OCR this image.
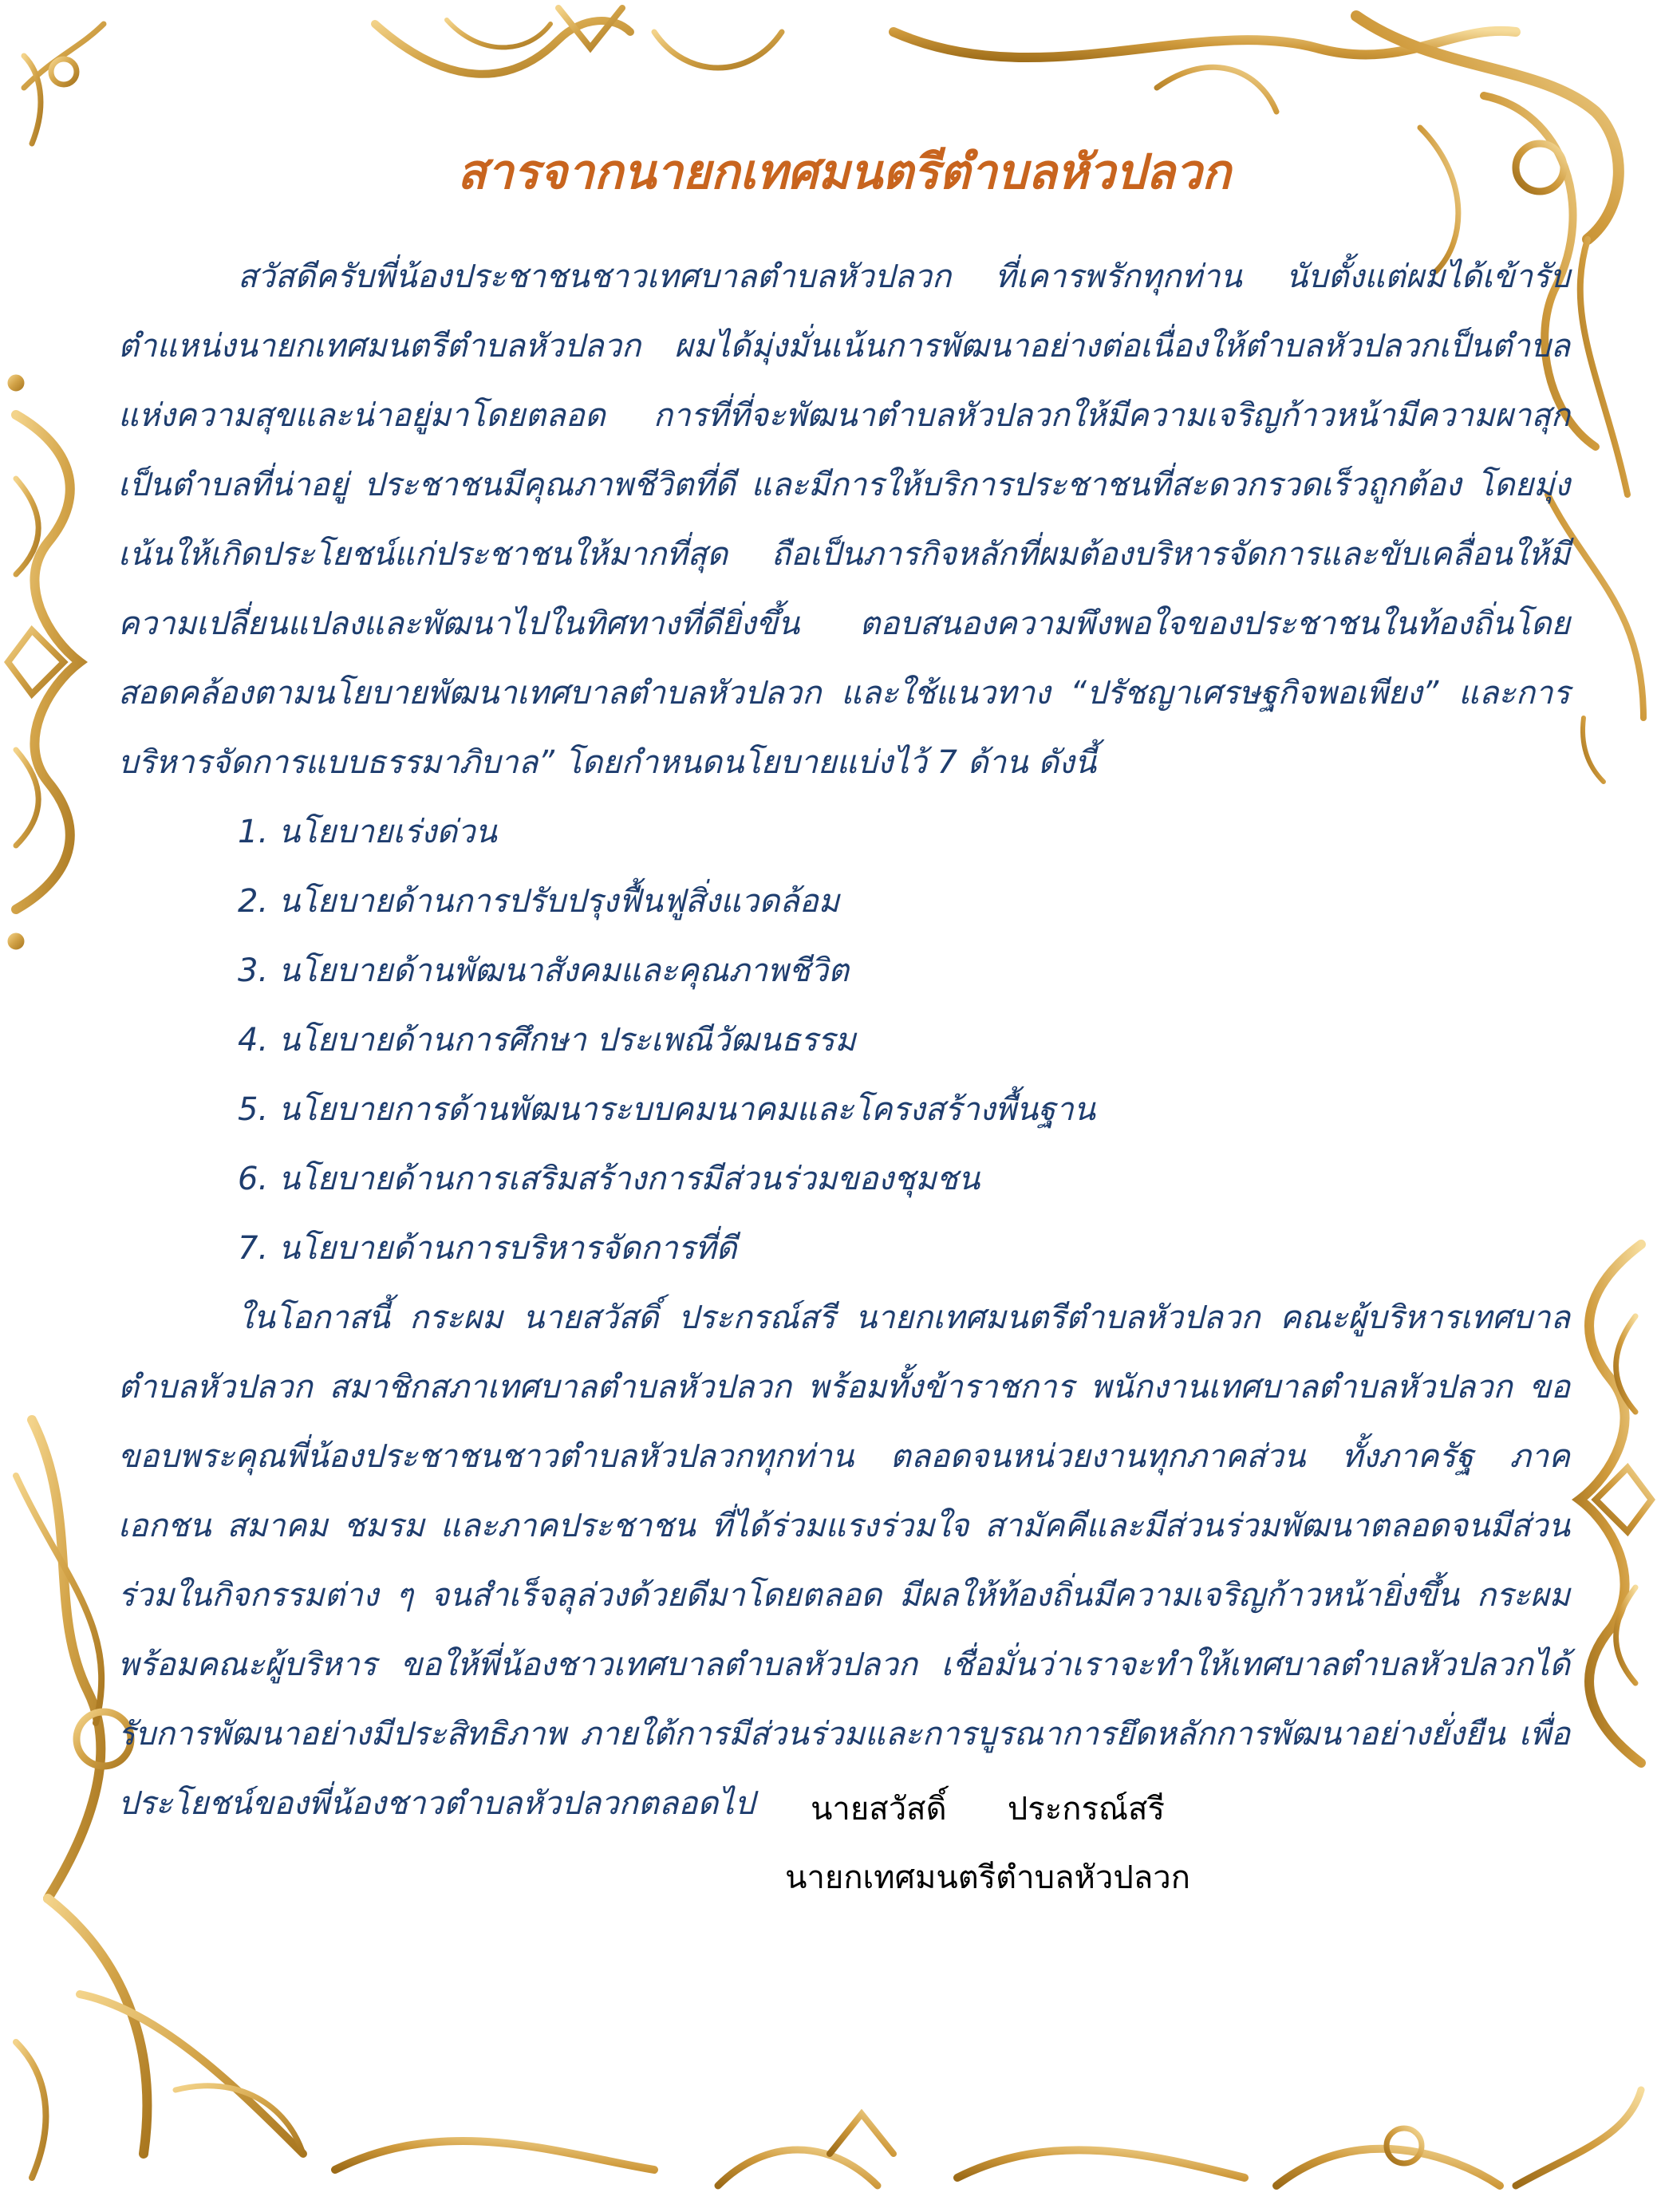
สารจากนายกเทศมนตรีตำบลหัวปลวก

สวัสดีครับพี่น้องประชาชนชาวเทศบาลตำบลหัวปลวก ที่เคารพรักทุกท่าน นับตั้งแต่ผมได้เข้ารับตำแหน่งนายกเทศมนตรีตำบลหัวปลวก ผมได้มุ่งมั่นเน้นการพัฒนาอย่างต่อเนื่องให้ตำบลหัวปลวกเป็นตำบลแห่งความสุขและน่าอยู่มาโดยตลอด การที่ที่จะพัฒนาตำบลหัวปลวกให้มีความเจริญก้าวหน้ามีความผาสุกเป็นตำบลที่น่าอยู่ ประชาชนมีคุณภาพชีวิตที่ดี และมีการให้บริการประชาชนที่สะดวกรวดเร็วถูกต้อง โดยมุ่งเน้นให้เกิดประโยชน์แก่ประชาชนให้มากที่สุด ถือเป็นภารกิจหลักที่ผมต้องบริหารจัดการและขับเคลื่อนให้มีความเปลี่ยนแปลงและพัฒนาไปในทิศทางที่ดียิ่งขึ้น ตอบสนองความพึงพอใจของประชาชนในท้องถิ่นโดยสอดคล้องตามนโยบายพัฒนาเทศบาลตำบลหัวปลวก และใช้แนวทาง “ปรัชญาเศรษฐกิจพอเพียง” และการบริหารจัดการแบบธรรมาภิบาล” โดยกำหนดนโยบายแบ่งไว้ 7 ด้าน ดังนี้

1. นโยบายเร่งด่วน
2. นโยบายด้านการปรับปรุงฟื้นฟูสิ่งแวดล้อม
3. นโยบายด้านพัฒนาสังคมและคุณภาพชีวิต
4. นโยบายด้านการศึกษา ประเพณีวัฒนธรรม
5. นโยบายการด้านพัฒนาระบบคมนาคมและโครงสร้างพื้นฐาน
6. นโยบายด้านการเสริมสร้างการมีส่วนร่วมของชุมชน
7. นโยบายด้านการบริหารจัดการที่ดี

ในโอกาสนี้ กระผม นายสวัสดิ์ ประกรณ์สรี นายกเทศมนตรีตำบลหัวปลวก คณะผู้บริหารเทศบาลตำบลหัวปลวก สมาชิกสภาเทศบาลตำบลหัวปลวก พร้อมทั้งข้าราชการ พนักงานเทศบาลตำบลหัวปลวก ขอขอบพระคุณพี่น้องประชาชนชาวตำบลหัวปลวกทุกท่าน ตลอดจนหน่วยงานทุกภาคส่วน ทั้งภาครัฐ ภาคเอกชน สมาคม ชมรม และภาคประชาชน ที่ได้ร่วมแรงร่วมใจ สามัคคีและมีส่วนร่วมพัฒนาตลอดจนมีส่วนร่วมในกิจกรรมต่าง ๆ จนสำเร็จลุล่วงด้วยดีมาโดยตลอด มีผลให้ท้องถิ่นมีความเจริญก้าวหน้ายิ่งขึ้น กระผมพร้อมคณะผู้บริหาร ขอให้พี่น้องชาวเทศบาลตำบลหัวปลวก เชื่อมั่นว่าเราจะทำให้เทศบาลตำบลหัวปลวกได้รับการพัฒนาอย่างมีประสิทธิภาพ ภายใต้การมีส่วนร่วมและการบูรณาการยึดหลักการพัฒนาอย่างยั่งยืน เพื่อประโยชน์ของพี่น้องชาวตำบลหัวปลวกตลอดไป	นายสวัสดิ์      ประกรณ์สรี
นายกเทศมนตรีตำบลหัวปลวก
